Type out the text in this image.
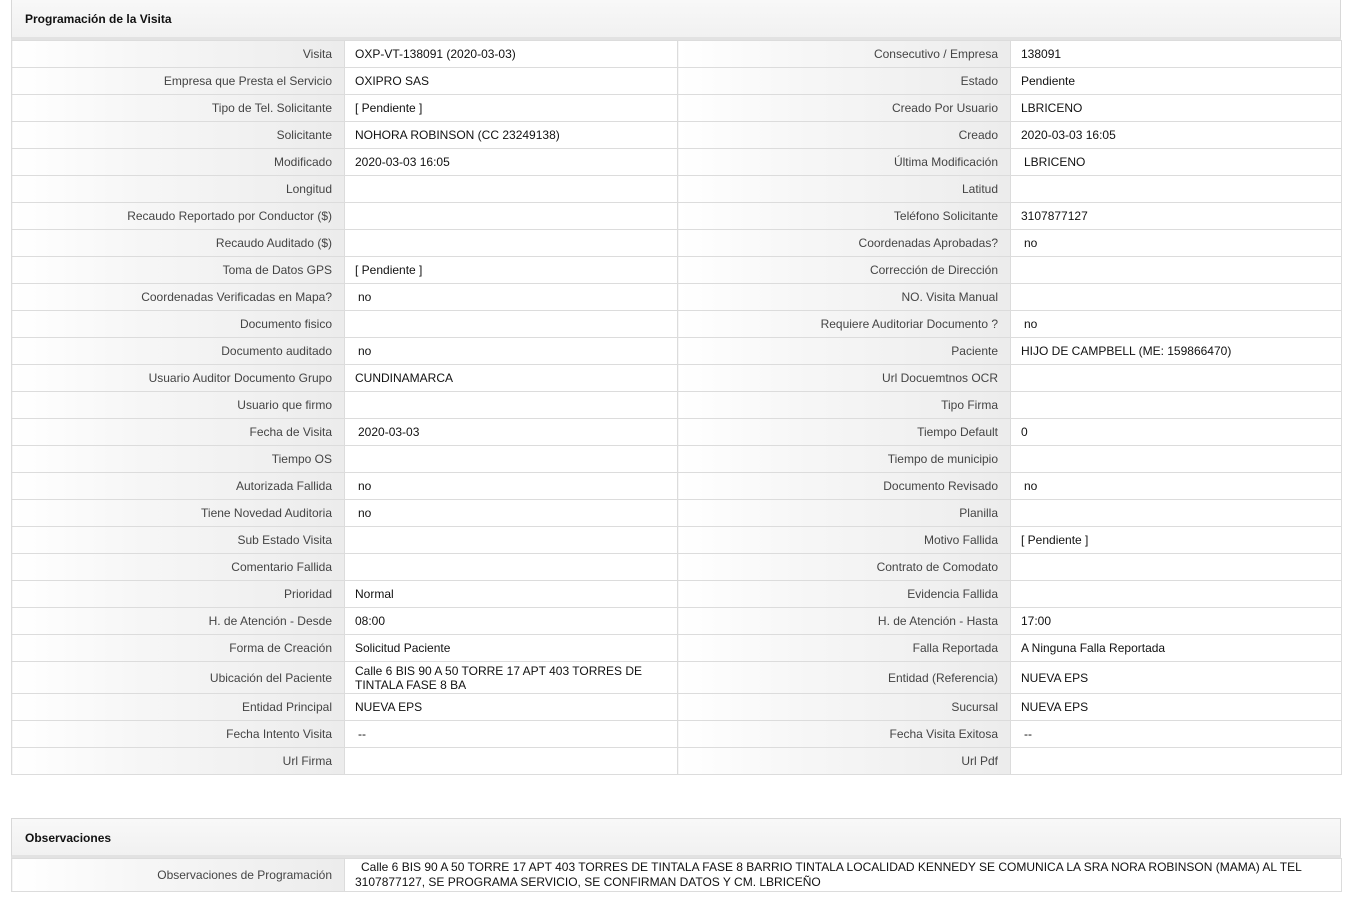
Programación de la Visita
Visita	OXP-VT-138091 (2020-03-03)	Consecutivo / Empresa	138091
Empresa que Presta el Servicio	OXIPRO SAS	Estado	Pendiente
Tipo de Tel. Solicitante	[ Pendiente ]	Creado Por Usuario	LBRICENO
Solicitante	NOHORA ROBINSON (CC 23249138)	Creado	2020-03-03 16:05
Modificado	2020-03-03 16:05	Última Modificación	LBRICENO
Longitud		Latitud	
Recaudo Reportado por Conductor ($)		Teléfono Solicitante	3107877127
Recaudo Auditado ($)		Coordenadas Aprobadas?	no
Toma de Datos GPS	[ Pendiente ]	Corrección de Dirección	
Coordenadas Verificadas en Mapa?	no	NO. Visita Manual	
Documento fisico		Requiere Auditoriar Documento ?	no
Documento auditado	no	Paciente	HIJO DE CAMPBELL (ME: 159866470)
Usuario Auditor Documento Grupo	CUNDINAMARCA	Url Docuemtnos OCR	
Usuario que firmo		Tipo Firma	
Fecha de Visita	2020-03-03	Tiempo Default	0
Tiempo OS		Tiempo de municipio	
Autorizada Fallida	no	Documento Revisado	no
Tiene Novedad Auditoria	no	Planilla	
Sub Estado Visita		Motivo Fallida	[ Pendiente ]
Comentario Fallida		Contrato de Comodato	
Prioridad	Normal	Evidencia Fallida	
H. de Atención - Desde	08:00	H. de Atención - Hasta	17:00
Forma de Creación	Solicitud Paciente	Falla Reportada	A Ninguna Falla Reportada
Ubicación del Paciente	Calle 6 BIS 90 A 50 TORRE 17 APT 403 TORRES DE TINTALA FASE 8 BA	Entidad (Referencia)	NUEVA EPS
Entidad Principal	NUEVA EPS	Sucursal	NUEVA EPS
Fecha Intento Visita	--	Fecha Visita Exitosa	--
Url Firma		Url Pdf	
Observaciones
Observaciones de Programación	Calle 6 BIS 90 A 50 TORRE 17 APT 403 TORRES DE TINTALA FASE 8 BARRIO TINTALA LOCALIDAD KENNEDY SE COMUNICA LA SRA NORA ROBINSON (MAMA) AL TEL 3107877127, SE PROGRAMA SERVICIO, SE CONFIRMAN DATOS Y CM. LBRICEÑO
